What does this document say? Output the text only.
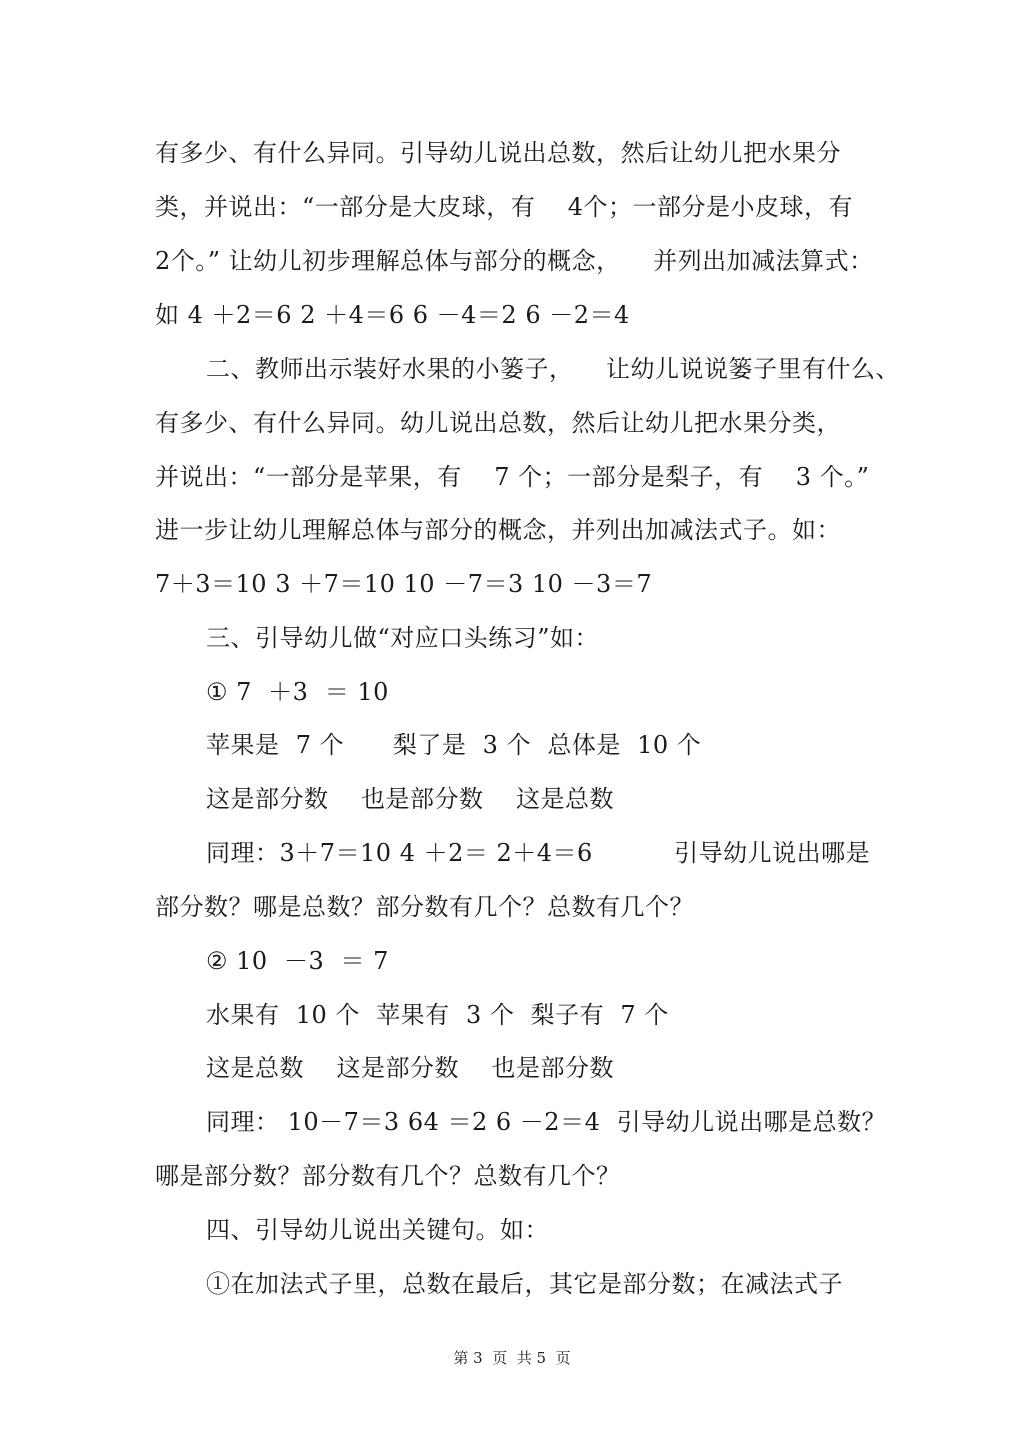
有多少、有什么异同。引导幼儿说出总数，然后让幼儿把水果分
类，并说出：“一部分是大皮球，有    4个；一部分是小皮球，有
2个。” 让幼儿初步理解总体与部分的概念，    并列出加减法算式：
如 4 ＋2＝6 2 ＋4＝6 6 －4＝2 6 －2＝4
二、教师出示装好水果的小篓子，    让幼儿说说篓子里有什么、
有多少、有什么异同。幼儿说出总数，然后让幼儿把水果分类，
并说出：“一部分是苹果，有    7 个；一部分是梨子，有    3 个。”
进一步让幼儿理解总体与部分的概念，并列出加减法式子。如：
7＋3＝10 3 ＋7＝10 10 －7＝3 10 －3＝7
三、引导幼儿做“对应口头练习”如：
① 7  ＋3  ＝ 10
苹果是  7 个      梨了是  3 个  总体是  10 个
这是部分数    也是部分数    这是总数
同理：3＋7＝10 4 ＋2＝ 2＋4＝6          引导幼儿说出哪是
部分数？哪是总数？部分数有几个？总数有几个？
② 10  －3  ＝ 7
水果有  10 个  苹果有  3 个  梨子有  7 个
这是总数    这是部分数    也是部分数
同理： 10－7＝3 64 ＝2 6 －2＝4  引导幼儿说出哪是总数？
哪是部分数？部分数有几个？总数有几个？
四、引导幼儿说出关键句。如：
①在加法式子里，总数在最后，其它是部分数；在减法式子
第 3  页  共 5  页
